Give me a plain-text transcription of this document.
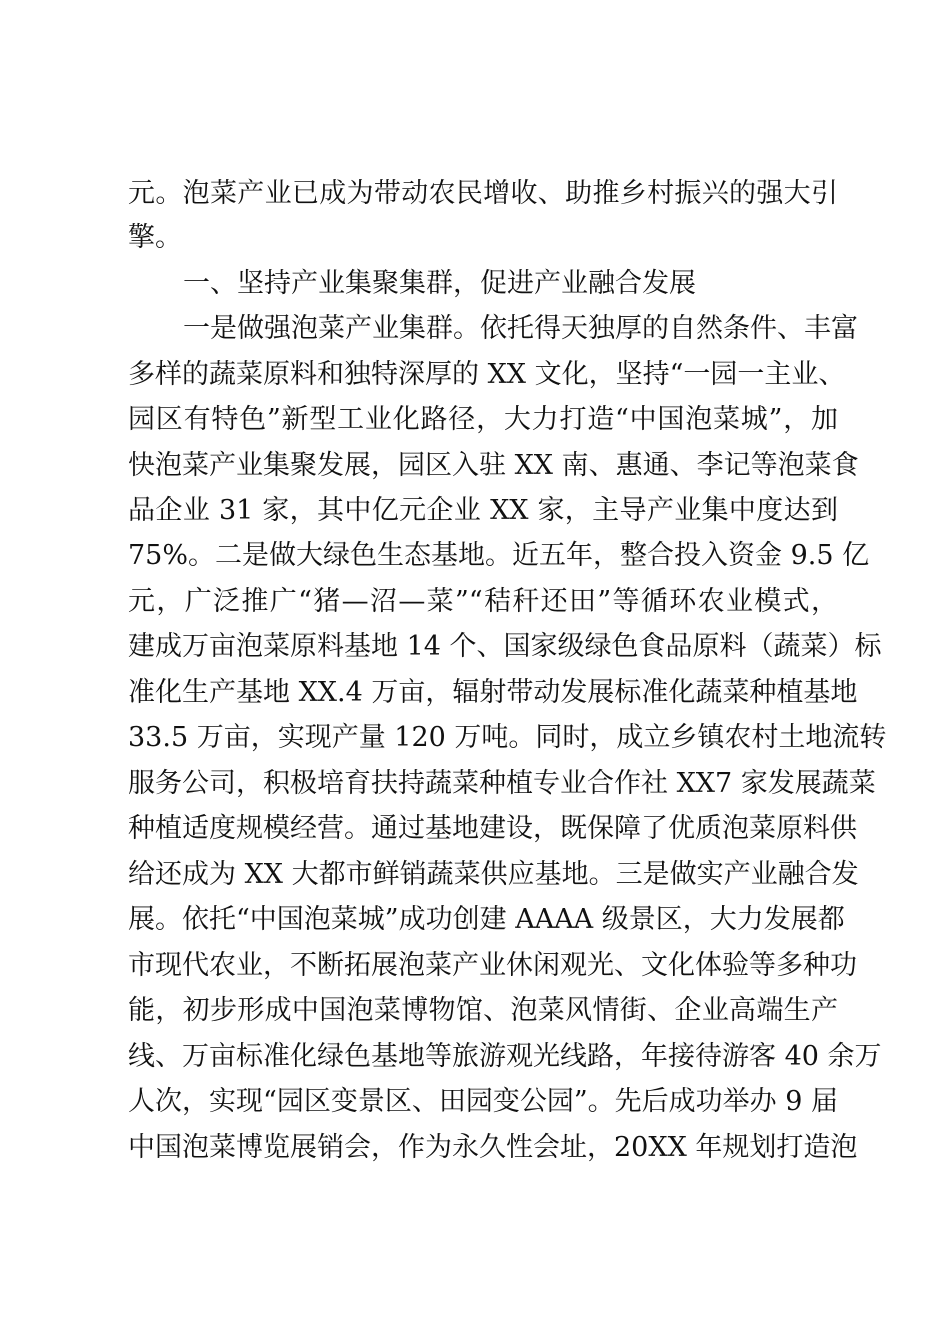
元。泡菜产业已成为带动农民增收、助推乡村振兴的强大引
擎。
一、坚持产业集聚集群，促进产业融合发展
一是做强泡菜产业集群。依托得天独厚的自然条件、丰富
多样的蔬菜原料和独特深厚的 XX 文化，坚持“一园一主业、
园区有特色”新型工业化路径，大力打造“中国泡菜城”，加
快泡菜产业集聚发展，园区入驻 XX 南、惠通、李记等泡菜食
品企业 31 家，其中亿元企业 XX 家，主导产业集中度达到
75%。二是做大绿色生态基地。近五年，整合投入资金 9.5 亿
元，广泛推广“猪—沼—菜”“秸秆还田”等循环农业模式，
建成万亩泡菜原料基地 14 个、国家级绿色食品原料（蔬菜）标
准化生产基地 XX.4 万亩，辐射带动发展标准化蔬菜种植基地
33.5 万亩，实现产量 120 万吨。同时，成立乡镇农村土地流转
服务公司，积极培育扶持蔬菜种植专业合作社 XX7 家发展蔬菜
种植适度规模经营。通过基地建设，既保障了优质泡菜原料供
给还成为 XX 大都市鲜销蔬菜供应基地。三是做实产业融合发
展。依托“中国泡菜城”成功创建 AAAA 级景区，大力发展都
市现代农业，不断拓展泡菜产业休闲观光、文化体验等多种功
能，初步形成中国泡菜博物馆、泡菜风情街、企业高端生产
线、万亩标准化绿色基地等旅游观光线路，年接待游客 40 余万
人次，实现“园区变景区、田园变公园”。先后成功举办 9 届
中国泡菜博览展销会，作为永久性会址，20XX 年规划打造泡
